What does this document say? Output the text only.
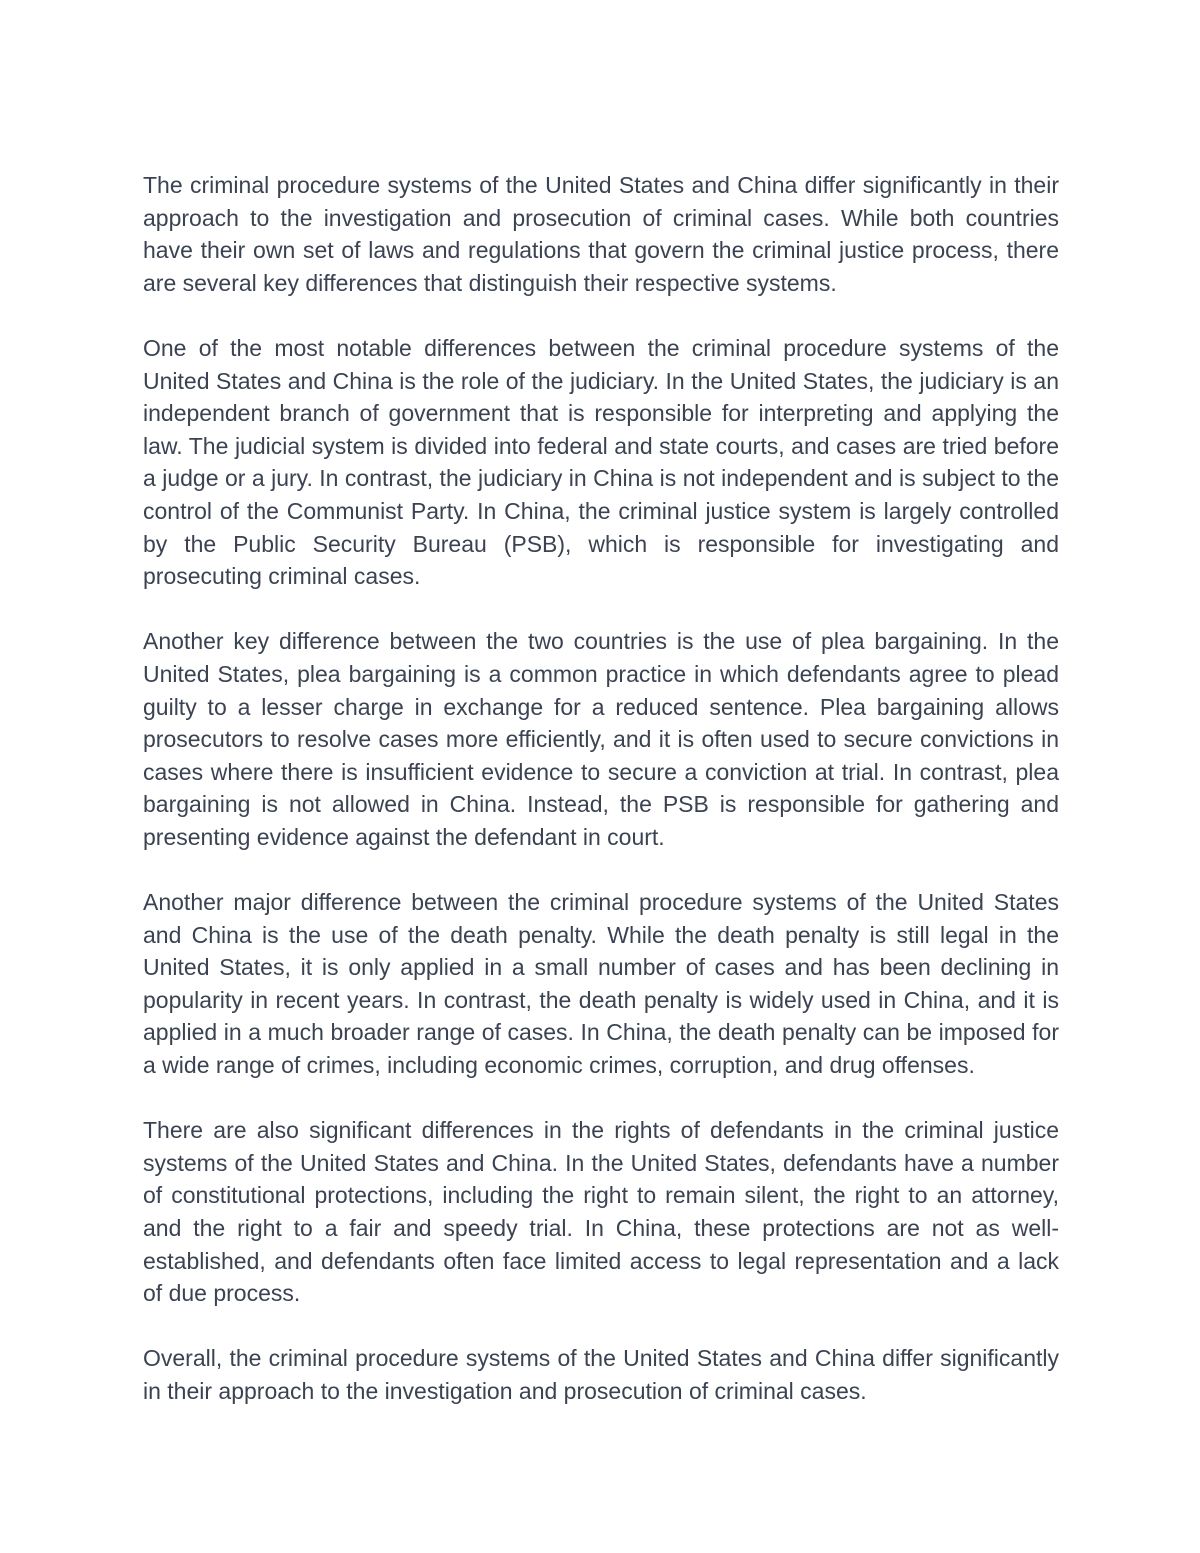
The criminal procedure systems of the United States and China differ significantly in their approach to the investigation and prosecution of criminal cases. While both countries have their own set of laws and regulations that govern the criminal justice process, there are several key differences that distinguish their respective systems.

One of the most notable differences between the criminal procedure systems of the United States and China is the role of the judiciary. In the United States, the judiciary is an independent branch of government that is responsible for interpreting and applying the law. The judicial system is divided into federal and state courts, and cases are tried before a judge or a jury. In contrast, the judiciary in China is not independent and is subject to the control of the Communist Party. In China, the criminal justice system is largely controlled by the Public Security Bureau (PSB), which is responsible for investigating and prosecuting criminal cases.

Another key difference between the two countries is the use of plea bargaining. In the United States, plea bargaining is a common practice in which defendants agree to plead guilty to a lesser charge in exchange for a reduced sentence. Plea bargaining allows prosecutors to resolve cases more efficiently, and it is often used to secure convictions in cases where there is insufficient evidence to secure a conviction at trial. In contrast, plea bargaining is not allowed in China. Instead, the PSB is responsible for gathering and presenting evidence against the defendant in court.

Another major difference between the criminal procedure systems of the United States and China is the use of the death penalty. While the death penalty is still legal in the United States, it is only applied in a small number of cases and has been declining in popularity in recent years. In contrast, the death penalty is widely used in China, and it is applied in a much broader range of cases. In China, the death penalty can be imposed for a wide range of crimes, including economic crimes, corruption, and drug offenses.

There are also significant differences in the rights of defendants in the criminal justice systems of the United States and China. In the United States, defendants have a number of constitutional protections, including the right to remain silent, the right to an attorney, and the right to a fair and speedy trial. In China, these protections are not as well-established, and defendants often face limited access to legal representation and a lack of due process.

Overall, the criminal procedure systems of the United States and China differ significantly in their approach to the investigation and prosecution of criminal cases.
